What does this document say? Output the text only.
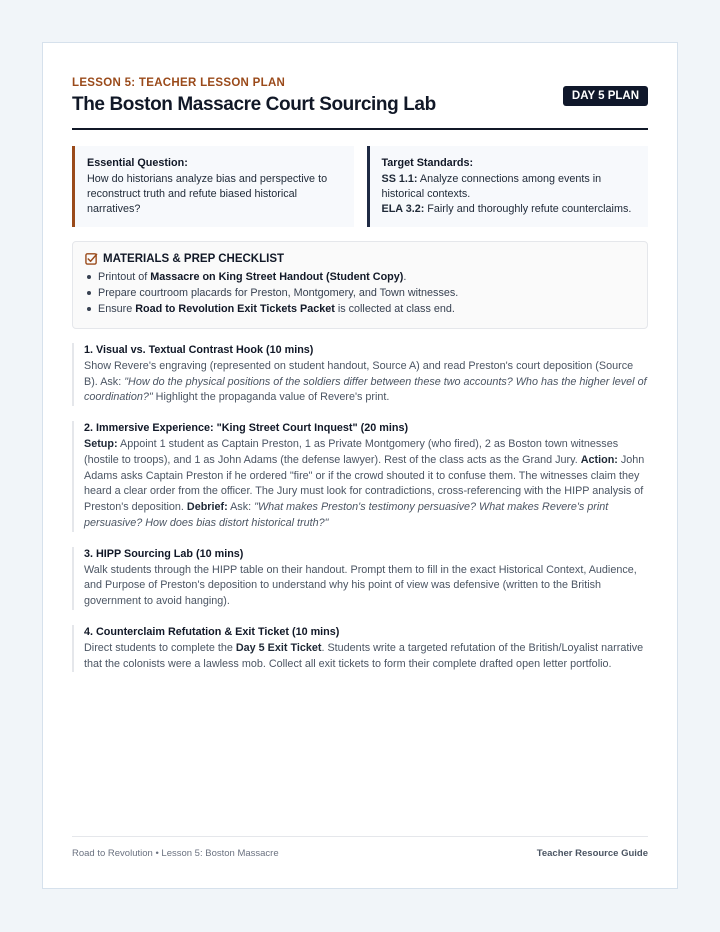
LESSON 5: TEACHER LESSON PLAN
The Boston Massacre Court Sourcing Lab	DAY 5 PLAN
Essential Question:
How do historians analyze bias and perspective to reconstruct truth and refute biased historical narratives?
Target Standards:
SS 1.1: Analyze connections among events in historical contexts.
ELA 3.2: Fairly and thoroughly refute counterclaims.
MATERIALS & PREP CHECKLIST
Printout of Massacre on King Street Handout (Student Copy).
Prepare courtroom placards for Preston, Montgomery, and Town witnesses.
Ensure Road to Revolution Exit Tickets Packet is collected at class end.
1. Visual vs. Textual Contrast Hook (10 mins)
Show Revere's engraving (represented on student handout, Source A) and read Preston's court deposition (Source B). Ask: "How do the physical positions of the soldiers differ between these two accounts? Who has the higher level of coordination?" Highlight the propaganda value of Revere's print.
2. Immersive Experience: "King Street Court Inquest" (20 mins)
Setup: Appoint 1 student as Captain Preston, 1 as Private Montgomery (who fired), 2 as Boston town witnesses (hostile to troops), and 1 as John Adams (the defense lawyer). Rest of the class acts as the Grand Jury. Action: John Adams asks Captain Preston if he ordered "fire" or if the crowd shouted it to confuse them. The witnesses claim they heard a clear order from the officer. The Jury must look for contradictions, cross-referencing with the HIPP analysis of Preston's deposition. Debrief: Ask: "What makes Preston's testimony persuasive? What makes Revere's print persuasive? How does bias distort historical truth?"
3. HIPP Sourcing Lab (10 mins)
Walk students through the HIPP table on their handout. Prompt them to fill in the exact Historical Context, Audience, and Purpose of Preston's deposition to understand why his point of view was defensive (written to the British government to avoid hanging).
4. Counterclaim Refutation & Exit Ticket (10 mins)
Direct students to complete the Day 5 Exit Ticket. Students write a targeted refutation of the British/Loyalist narrative that the colonists were a lawless mob. Collect all exit tickets to form their complete drafted open letter portfolio.
Road to Revolution • Lesson 5: Boston Massacre	Teacher Resource Guide
